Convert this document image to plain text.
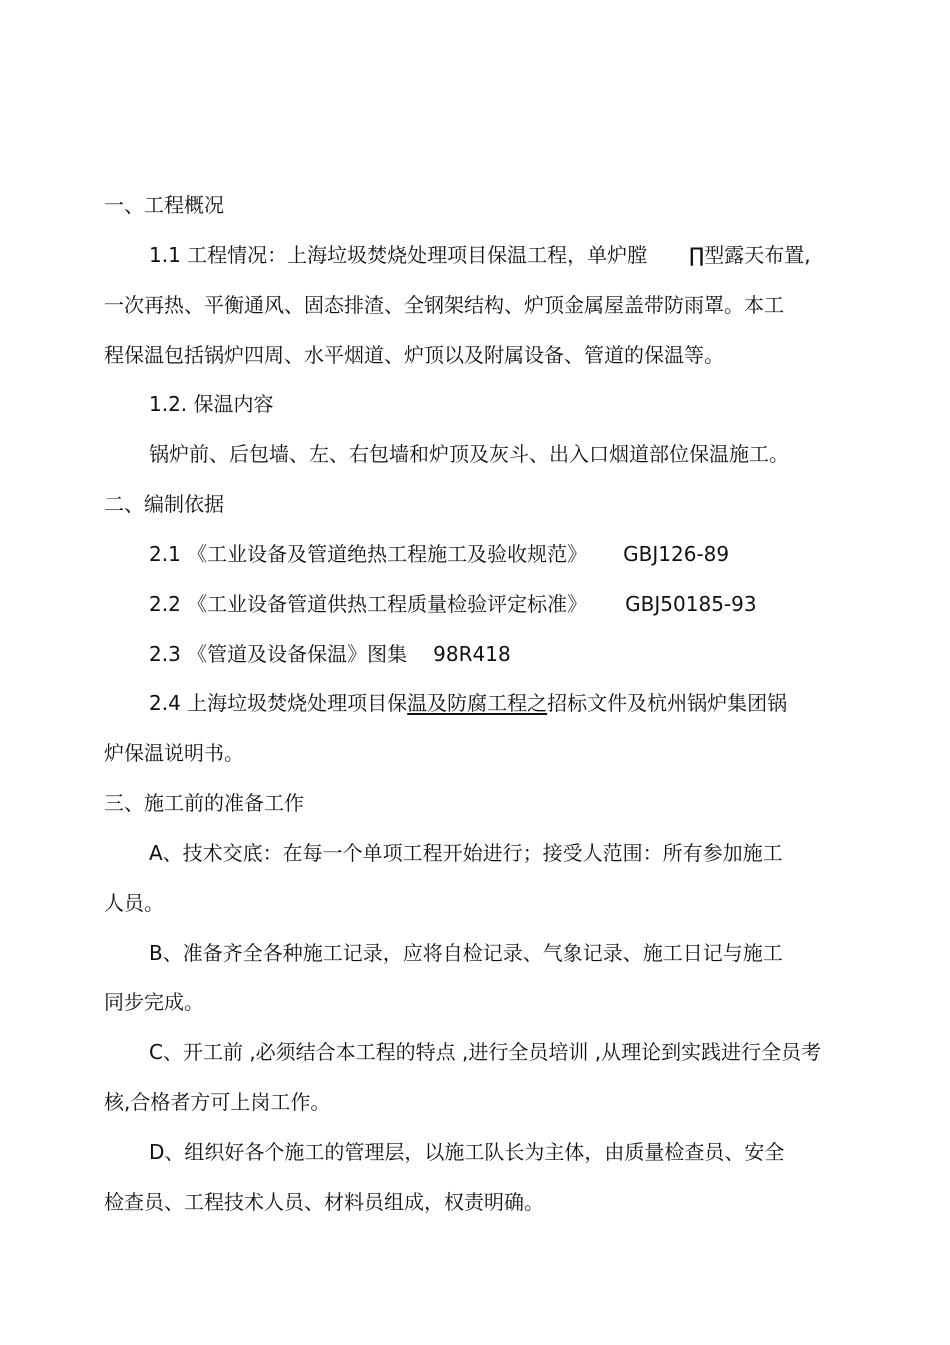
一、工程概况
1.1 工程情况：上海垃圾焚烧处理项目保温工程，单炉膛 ∏型露天布置,
一次再热、平衡通风、固态排渣、全钢架结构、炉顶金属屋盖带防雨罩。本工
程保温包括锅炉四周、水平烟道、炉顶以及附属设备、管道的保温等。
1.2. 保温内容
锅炉前、后包墙、左、右包墙和炉顶及灰斗、出入口烟道部位保温施工。
二、编制依据
2.1 《工业设备及管道绝热工程施工及验收规范》 GBJ126-89
2.2 《工业设备管道供热工程质量检验评定标准》 GBJ50185-93
2.3 《管道及设备保温》图集 98R418
2.4 上海垃圾焚烧处理项目保温及防腐工程之招标文件及杭州锅炉集团锅
炉保温说明书。
三、施工前的准备工作
A、技术交底：在每一个单项工程开始进行；接受人范围：所有参加施工
人员。
B、准备齐全各种施工记录，应将自检记录、气象记录、施工日记与施工
同步完成。
C、开工前 ,必须结合本工程的特点 ,进行全员培训 ,从理论到实践进行全员考
核,合格者方可上岗工作。
D、组织好各个施工的管理层，以施工队长为主体，由质量检查员、安全
检查员、工程技术人员、材料员组成，权责明确。
